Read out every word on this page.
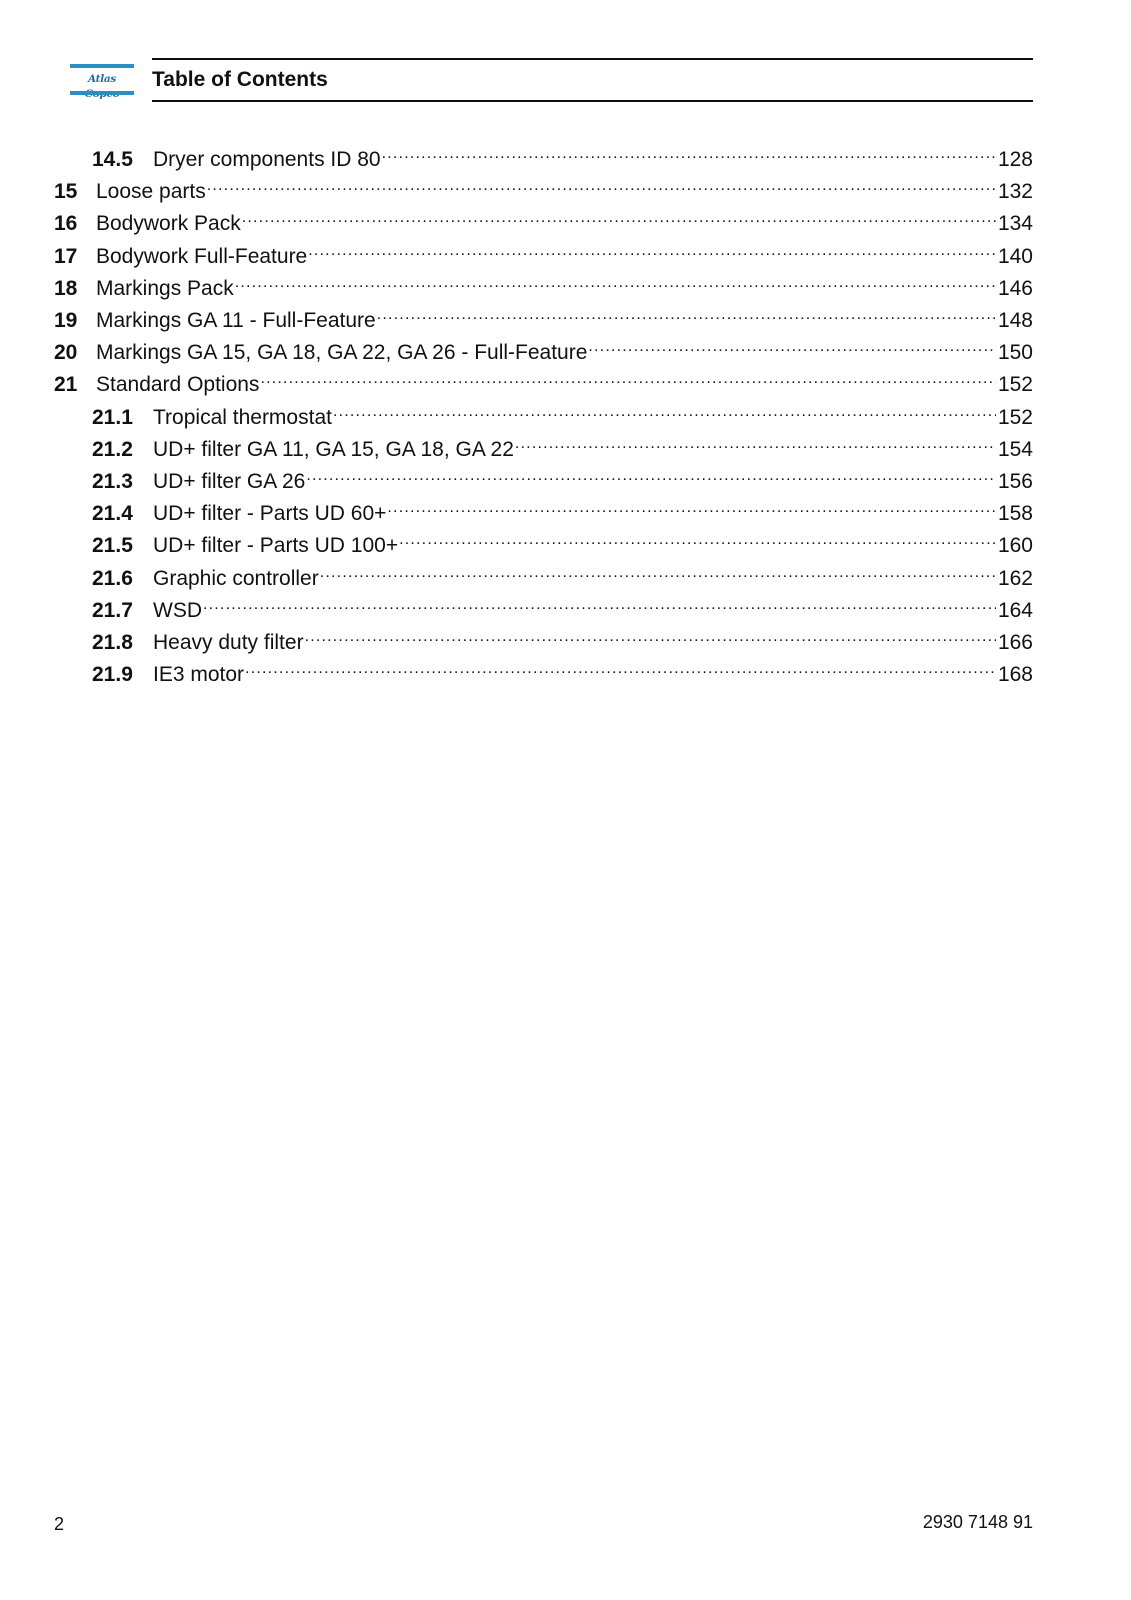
Atlas	Table of Contents
14.5 Dryer components ID 80 .....	128
15 Loose parts .....	132
16 Bodywork Pack .....	134
17 Bodywork Full-Feature .....	140
18 Markings Pack .....	146
19 Markings GA 11 - Full-Feature .....	148
20 Markings GA 15, GA 18, GA 22, GA 26 - Full-Feature .....	150
21 Standard Options .....	152
21.1 Tropical thermostat .....	152
21.2 UD+ filter GA 11, GA 15, GA 18, GA 22 .....	154
21.3 UD+ filter GA 26 .....	156
21.4 UD+ filter - Parts UD 60+ .....	158
21.5 UD+ filter - Parts UD 100+ .....	160
21.6 Graphic controller .....	162
21.7 WSD .....	164
21.8 Heavy duty filter .....	166
21.9 IE3 motor .....	168
2	2930 7148 91
